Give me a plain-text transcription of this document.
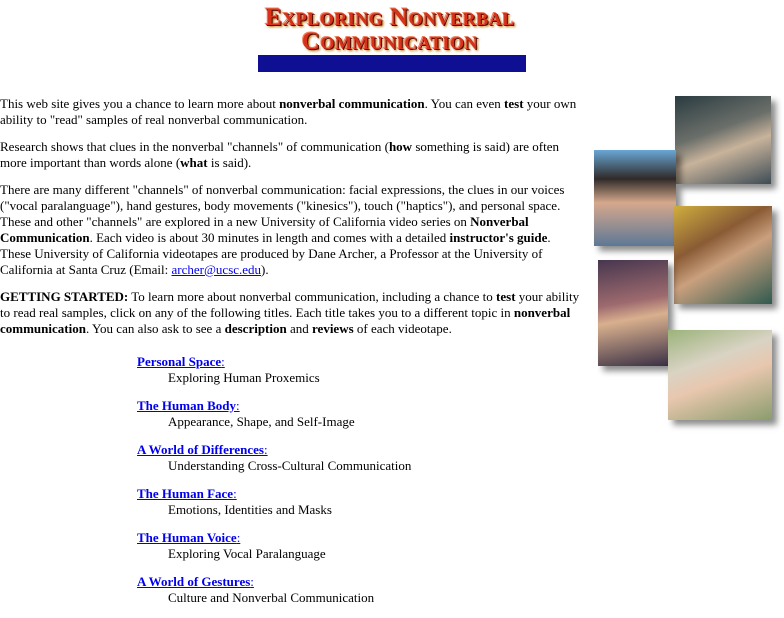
Exploring Nonverbal
Communication

This web site gives you a chance to learn more about nonverbal communication. You can even test your own ability to "read" samples of real nonverbal communication.

Research shows that clues in the nonverbal "channels" of communication (how something is said) are often more important than words alone (what is said).

There are many different "channels" of nonverbal communication: facial expressions, the clues in our voices ("vocal paralanguage"), hand gestures, body movements ("kinesics"), touch ("haptics"), and personal space. These and other "channels" are explored in a new University of California video series on Nonverbal Communication. Each video is about 30 minutes in length and comes with a detailed instructor's guide. These University of California videotapes are produced by Dane Archer, a Professor at the University of California at Santa Cruz (Email: archer@ucsc.edu).

GETTING STARTED: To learn more about nonverbal communication, including a chance to test your ability to read real samples, click on any of the following titles. Each title takes you to a different topic in nonverbal communication. You can also ask to see a description and reviews of each videotape.

Personal Space:
Exploring Human Proxemics
The Human Body:
Appearance, Shape, and Self-Image
A World of Differences:
Understanding Cross-Cultural Communication
The Human Face:
Emotions, Identities and Masks
The Human Voice:
Exploring Vocal Paralanguage
A World of Gestures:
Culture and Nonverbal Communication
